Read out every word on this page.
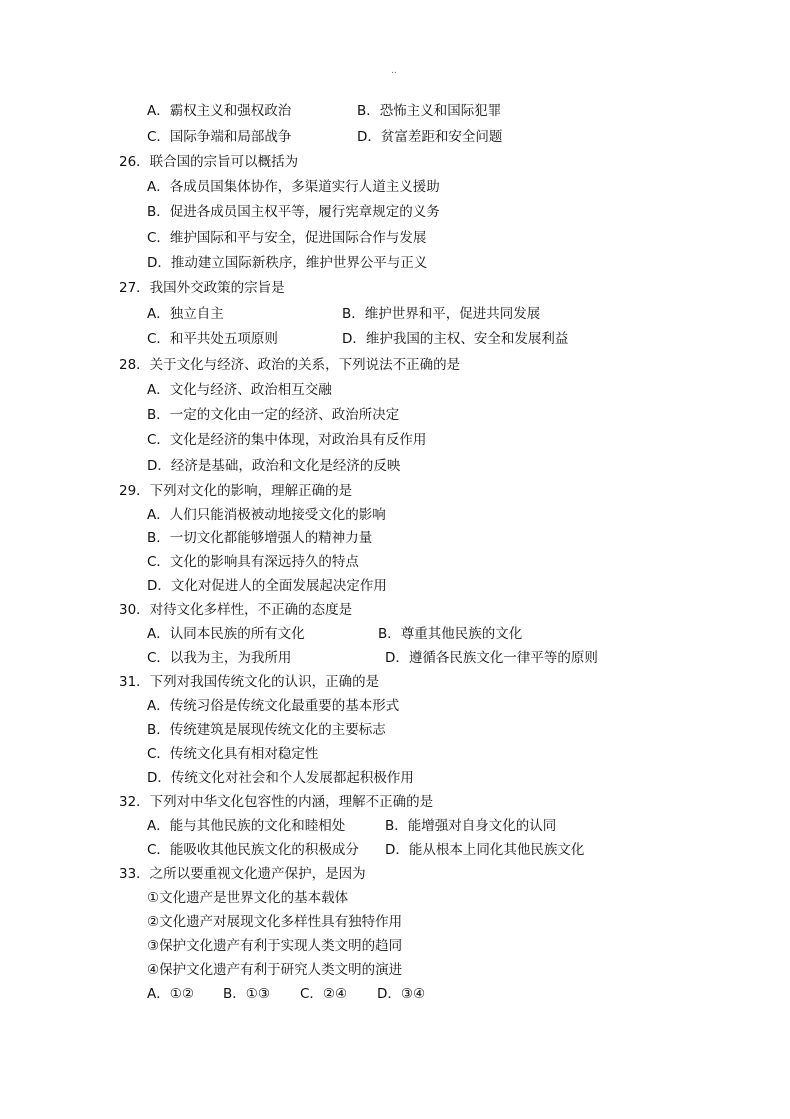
..
A．霸权主义和强权政治	B．恐怖主义和国际犯罪
C．国际争端和局部战争	D．贫富差距和安全问题
26．联合国的宗旨可以概括为
A．各成员国集体协作，多渠道实行人道主义援助
B．促进各成员国主权平等，履行宪章规定的义务
C．维护国际和平与安全，促进国际合作与发展
D．推动建立国际新秩序，维护世界公平与正义
27．我国外交政策的宗旨是
A．独立自主	B．维护世界和平，促进共同发展
C．和平共处五项原则	D．维护我国的主权、安全和发展利益
28．关于文化与经济、政治的关系，下列说法不正确的是
A．文化与经济、政治相互交融
B．一定的文化由一定的经济、政治所决定
C．文化是经济的集中体现，对政治具有反作用
D．经济是基础，政治和文化是经济的反映
29．下列对文化的影响，理解正确的是
A．人们只能消极被动地接受文化的影响
B．一切文化都能够增强人的精神力量
C．文化的影响具有深远持久的特点
D．文化对促进人的全面发展起决定作用
30．对待文化多样性，不正确的态度是
A．认同本民族的所有文化	B．尊重其他民族的文化
C．以我为主，为我所用	D．遵循各民族文化一律平等的原则
31．下列对我国传统文化的认识，正确的是
A．传统习俗是传统文化最重要的基本形式
B．传统建筑是展现传统文化的主要标志
C．传统文化具有相对稳定性
D．传统文化对社会和个人发展都起积极作用
32．下列对中华文化包容性的内涵，理解不正确的是
A．能与其他民族的文化和睦相处	B．能增强对自身文化的认同
C．能吸收其他民族文化的积极成分 D．能从根本上同化其他民族文化
33．之所以要重视文化遗产保护，是因为
①文化遗产是世界文化的基本载体
②文化遗产对展现文化多样性具有独特作用
③保护文化遗产有利于实现人类文明的趋同
④保护文化遗产有利于研究人类文明的演进
A．①② B．①③ C．②④ D．③④
